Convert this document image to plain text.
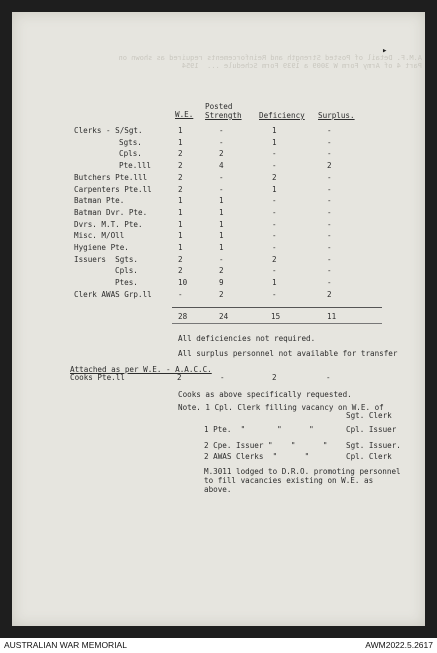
A.M.F. Detail of Posted Strength and Reinforcements required as shown on
Part 4 of Army Form W 3009 a 1939 Form Schedule ...  1954
▸
W.E.
Posted
Strength Deficiency Surplus.
Clerks - S/Sgt.	1	-	1	-
Sgts.	1	-	1	-
Cpls.	2	2	-	-
Pte.lll	2	4	-	2
Butchers Pte.lll	2	-	2	-
Carpenters Pte.ll	2	-	1	-
Batman Pte.	1	1	-	-
Batman Dvr. Pte.	1	1	-	-
Dvrs. M.T. Pte.	1	1	-	-
Misc. M/Oll	1	1	-	-
Hygiene Pte.	1	1	-	-
Issuers  Sgts.	2	-	2	-
Cpls.	2	2	-	-
Ptes.	10	9	1	-
Clerk AWAS Grp.ll	-	2	-	2
28	24	15	11
All deficiencies not required.
All surplus personnel not available for transfer
Attached as per W.E. - A.A.C.C.
Cooks Pte.ll	2	-	2	-
Cooks as above specifically requested.
Note. 1 Cpl. Clerk filling vacancy on W.E. of
Sgt. Clerk
1 Pte.  "       "      "	Cpl. Issuer
2 Cpe. Issuer "    "      " Sgt. Issuer.
2 AWAS Clerks  "      "	Cpl. Clerk
M.3011 lodged to D.R.O. promoting personnel
to fill vacancies existing on W.E. as
above.
AUSTRALIAN WAR MEMORIAL	AWM2022.5.2617
